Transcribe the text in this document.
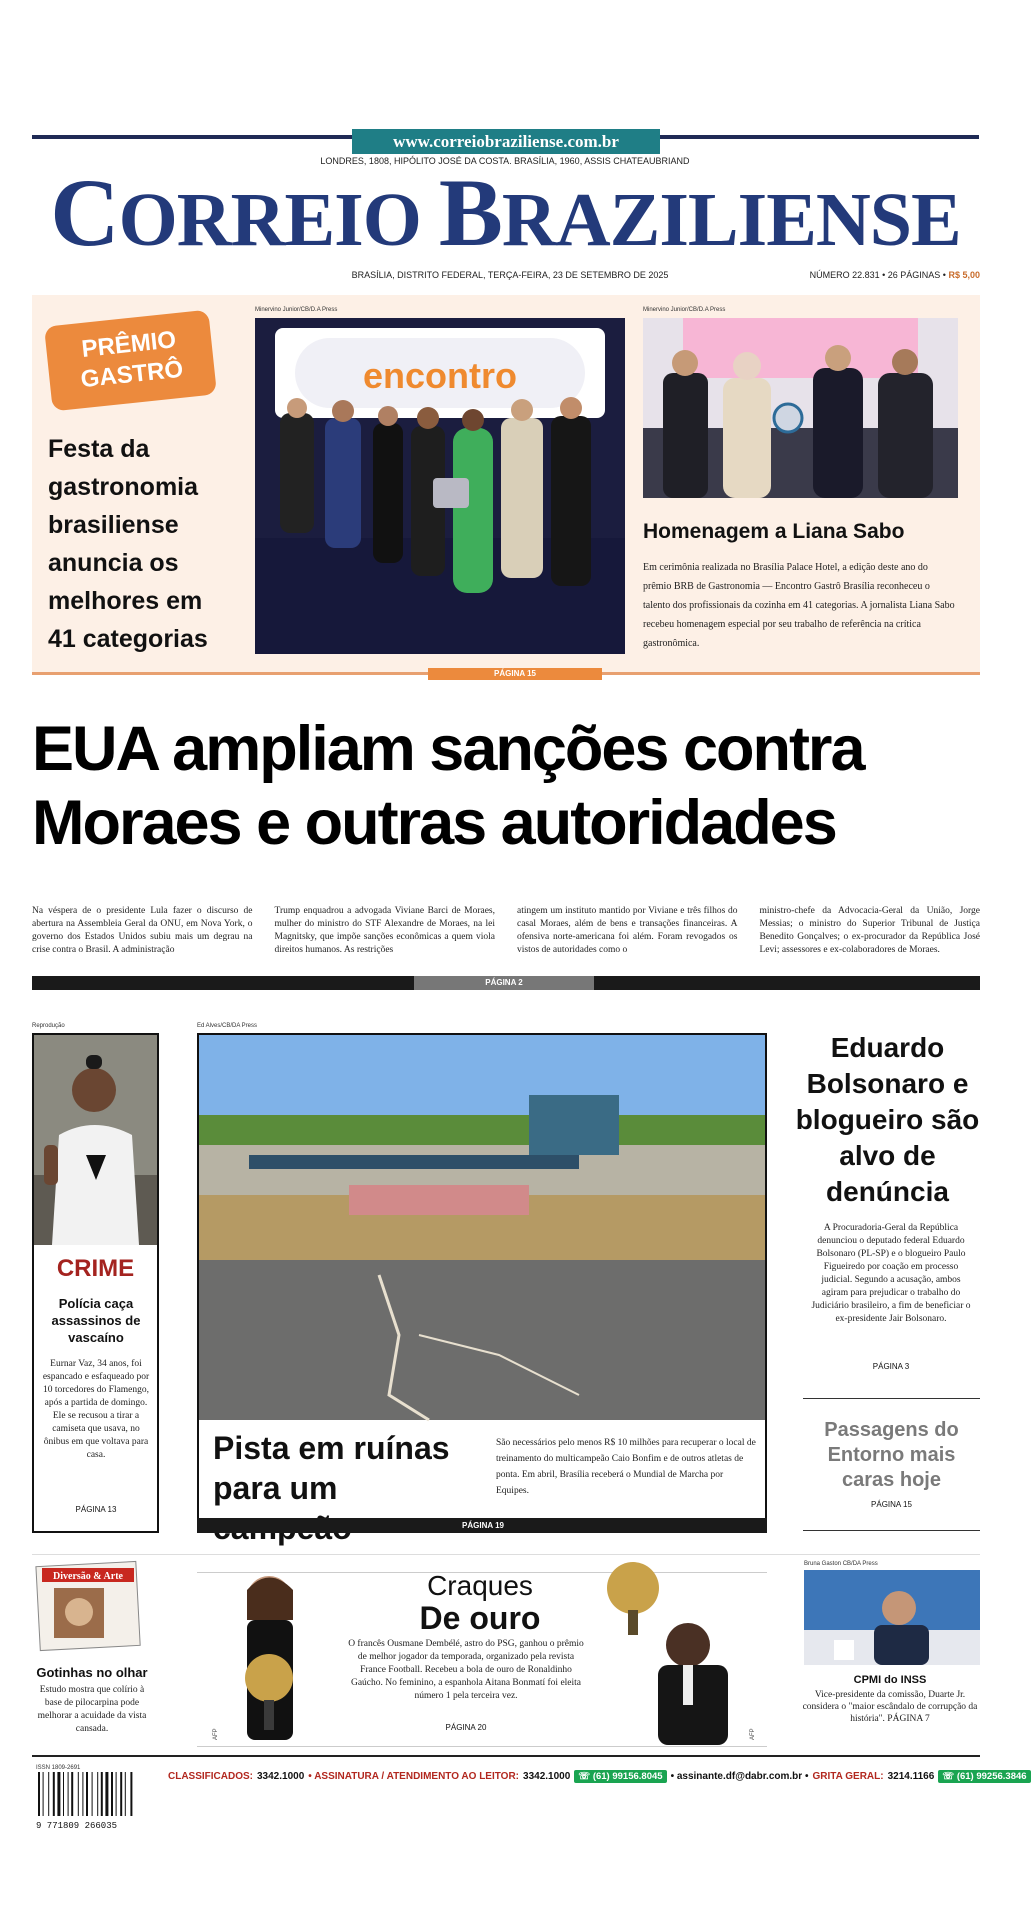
www.correiobraziliense.com.br
LONDRES, 1808, HIPÓLITO JOSÉ DA COSTA. BRASÍLIA, 1960, ASSIS CHATEAUBRIAND
CORREIO BRAZILIENSE
BRASÍLIA, DISTRITO FEDERAL, TERÇA-FEIRA, 23 DE SETEMBRO DE 2025	NÚMERO 22.831 • 26 PÁGINAS • R$ 5,00
PRÊMIO
GASTRÔ
Festa da gastronomia brasiliense anuncia os melhores em 41 categorias
Minervino Junior/CB/D.A Press
encontro
Minervino Junior/CB/D.A Press
Homenagem a Liana Sabo
Em cerimônia realizada no Brasília Palace Hotel, a edição deste ano do prêmio BRB de Gastronomia — Encontro Gastrô Brasília reconheceu o talento dos profissionais da cozinha em 41 categorias. A jornalista Liana Sabo recebeu homenagem especial por seu trabalho de referência na crítica gastronômica.
PÁGINA 15
EUA ampliam sanções contra
Moraes e outras autoridades
Na véspera de o presidente Lula fazer o discurso de abertura na Assembleia Geral da ONU, em Nova York, o governo dos Estados Unidos subiu mais um degrau na crise contra o Brasil. A administração
Trump enquadrou a advogada Viviane Barci de Moraes, mulher do ministro do STF Alexandre de Moraes, na lei Magnitsky, que impõe sanções econômicas a quem viola direitos humanos. As restrições
atingem um instituto mantido por Viviane e três filhos do casal Moraes, além de bens e transações financeiras. A ofensiva norte-americana foi além. Foram revogados os vistos de autoridades como o
ministro-chefe da Advocacia-Geral da União, Jorge Messias; o ministro do Superior Tribunal de Justiça Benedito Gonçalves; o ex-procurador da República José Levi; assessores e ex-colaboradores de Moraes.
PÁGINA 2
Reprodução
CRIME
Polícia caça assassinos de vascaíno
Eurnar Vaz, 34 anos, foi espancado e esfaqueado por 10 torcedores do Flamengo, após a partida de domingo. Ele se recusou a tirar a camiseta que usava, no ônibus em que voltava para casa.
PÁGINA 13
Ed Alves/CB/DA Press
Pista em ruínas para um
São necessários pelo menos R$ 10 milhões para recuperar o local de treinamento do multicampeão Caio Bonfim e de outros atletas de ponta. Em abril, Brasília receberá o Mundial de Marcha por Equipes.
PÁGINA 19
Eduardo Bolsonaro e blogueiro são alvo de denúncia
A Procuradoria-Geral da República denunciou o deputado federal Eduardo Bolsonaro (PL-SP) e o blogueiro Paulo Figueiredo por coação em processo judicial. Segundo a acusação, ambos agiram para prejudicar o trabalho do Judiciário brasileiro, a fim de beneficiar o ex-presidente Jair Bolsonaro.
PÁGINA 3
Passagens do Entorno mais caras hoje
PÁGINA 15
Diversão & Arte
Gotinhas no olhar
Estudo mostra que colírio à base de pilocarpina pode melhorar a acuidade da vista cansada.	AFP
Craques
De ouro
O francês Ousmane Dembélé, astro do PSG, ganhou o prêmio de melhor jogador da temporada, organizado pela revista France Football. Recebeu a bola de ouro de Ronaldinho Gaúcho. No feminino, a espanhola Aitana Bonmatí foi eleita número 1 pela terceira vez.
PÁGINA 20
AFP
Bruna Gaston CB/DA Press
CPMI do INSS
Vice-presidente da comissão, Duarte Jr. considera o "maior escândalo de corrupção da história". PÁGINA 7
ISSN 1809-2691
9 771809 266035
CLASSIFICADOS: 3342.1000 • ASSINATURA / ATENDIMENTO AO LEITOR: 3342.1000 ☏ (61) 99156.8045 • assinante.df@dabr.com.br • GRITA GERAL: 3214.1166 ☏ (61) 99256.3846
